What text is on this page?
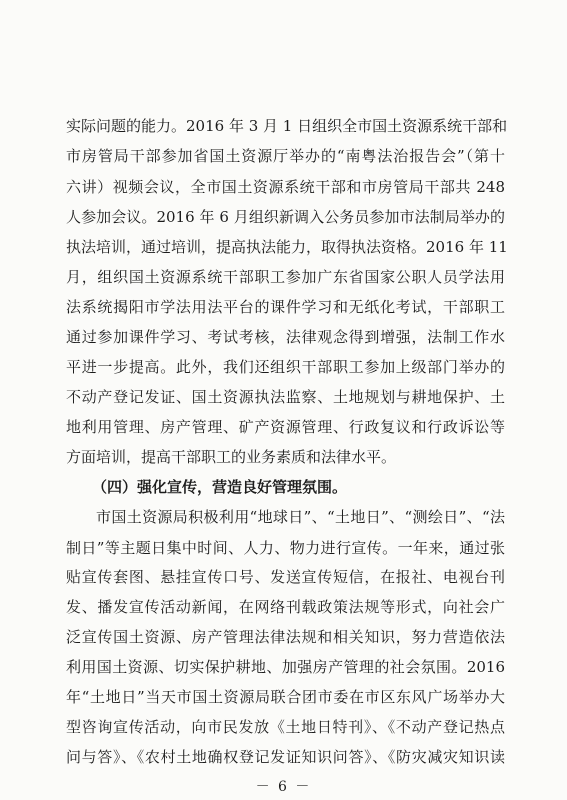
实际问题的能力。2016 年 3 月 1 日组织全市国土资源系统干部和
市房管局干部参加省国土资源厅举办的“南粤法治报告会”（第十
六讲）视频会议，全市国土资源系统干部和市房管局干部共 248
人参加会议。2016 年 6 月组织新调入公务员参加市法制局举办的
执法培训，通过培训，提高执法能力，取得执法资格。2016 年 11
月，组织国土资源系统干部职工参加广东省国家公职人员学法用
法系统揭阳市学法用法平台的课件学习和无纸化考试，干部职工
通过参加课件学习、考试考核，法律观念得到增强，法制工作水
平进一步提高。此外，我们还组织干部职工参加上级部门举办的
不动产登记发证、国土资源执法监察、土地规划与耕地保护、土
地利用管理、房产管理、矿产资源管理、行政复议和行政诉讼等
方面培训，提高干部职工的业务素质和法律水平。
（四）强化宣传，营造良好管理氛围。
市国土资源局积极利用“地球日”、“土地日”、“测绘日”、“法
制日”等主题日集中时间、人力、物力进行宣传。一年来，通过张
贴宣传套图、悬挂宣传口号、发送宣传短信，在报社、电视台刊
发、播发宣传活动新闻，在网络刊载政策法规等形式，向社会广
泛宣传国土资源、房产管理法律法规和相关知识，努力营造依法
利用国土资源、切实保护耕地、加强房产管理的社会氛围。2016
年“土地日”当天市国土资源局联合团市委在市区东风广场举办大
型咨询宣传活动，向市民发放《土地日特刊》、《不动产登记热点
问与答》、《农村土地确权登记发证知识问答》、《防灾减灾知识读
－ 6 －
